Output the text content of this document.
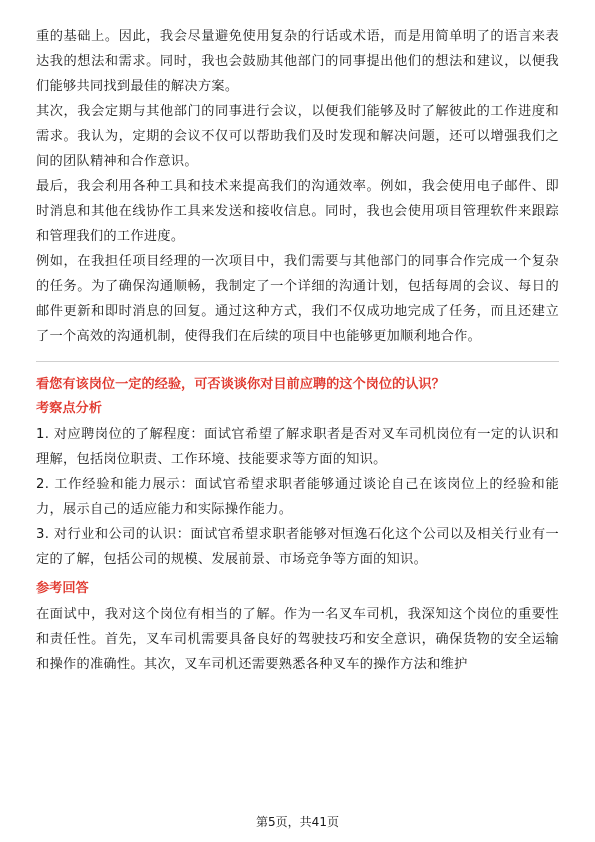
重的基础上。因此，我会尽量避免使用复杂的行话或术语，而是用简单明了的语言来表达我的想法和需求。同时，我也会鼓励其他部门的同事提出他们的想法和建议，以便我们能够共同找到最佳的解决方案。

其次，我会定期与其他部门的同事进行会议，以便我们能够及时了解彼此的工作进度和需求。我认为，定期的会议不仅可以帮助我们及时发现和解决问题，还可以增强我们之间的团队精神和合作意识。

最后，我会利用各种工具和技术来提高我们的沟通效率。例如，我会使用电子邮件、即时消息和其他在线协作工具来发送和接收信息。同时，我也会使用项目管理软件来跟踪和管理我们的工作进度。

例如，在我担任项目经理的一次项目中，我们需要与其他部门的同事合作完成一个复杂的任务。为了确保沟通顺畅，我制定了一个详细的沟通计划，包括每周的会议、每日的邮件更新和即时消息的回复。通过这种方式，我们不仅成功地完成了任务，而且还建立了一个高效的沟通机制，使得我们在后续的项目中也能够更加顺利地合作。

看您有该岗位一定的经验，可否谈谈你对目前应聘的这个岗位的认识？

考察点分析

1. 对应聘岗位的了解程度：面试官希望了解求职者是否对叉车司机岗位有一定的认识和理解，包括岗位职责、工作环境、技能要求等方面的知识。

2. 工作经验和能力展示：面试官希望求职者能够通过谈论自己在该岗位上的经验和能力，展示自己的适应能力和实际操作能力。

3. 对行业和公司的认识：面试官希望求职者能够对恒逸石化这个公司以及相关行业有一定的了解，包括公司的规模、发展前景、市场竞争等方面的知识。

参考回答

在面试中，我对这个岗位有相当的了解。作为一名叉车司机，我深知这个岗位的重要性和责任性。首先，叉车司机需要具备良好的驾驶技巧和安全意识，确保货物的安全运输和操作的准确性。其次，叉车司机还需要熟悉各种叉车的操作方法和维护

第5页，共41页
